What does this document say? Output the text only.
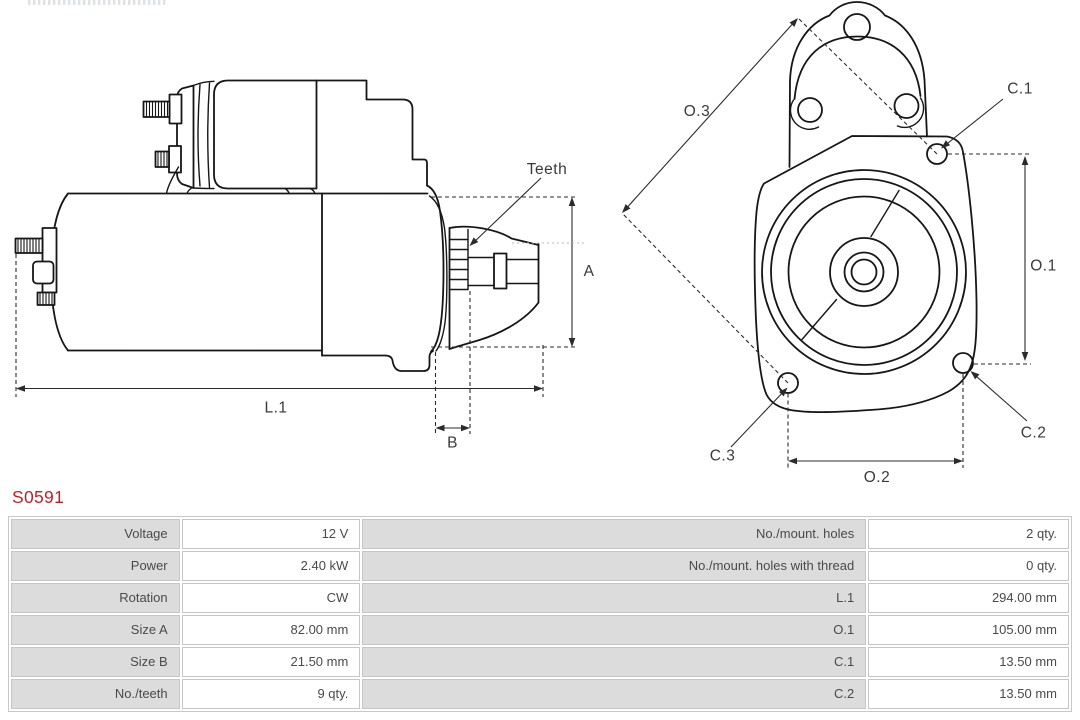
Teeth
A
B
L.1
O.3
C.1
O.1
C.2
C.3
O.2
S0591
Voltage	12 V	No./mount. holes	2 qty.
Power	2.40 kW	No./mount. holes with thread	0 qty.
Rotation	CW	L.1	294.00 mm
Size A	82.00 mm	O.1	105.00 mm
Size B	21.50 mm	C.1	13.50 mm
No./teeth	9 qty.	C.2	13.50 mm
